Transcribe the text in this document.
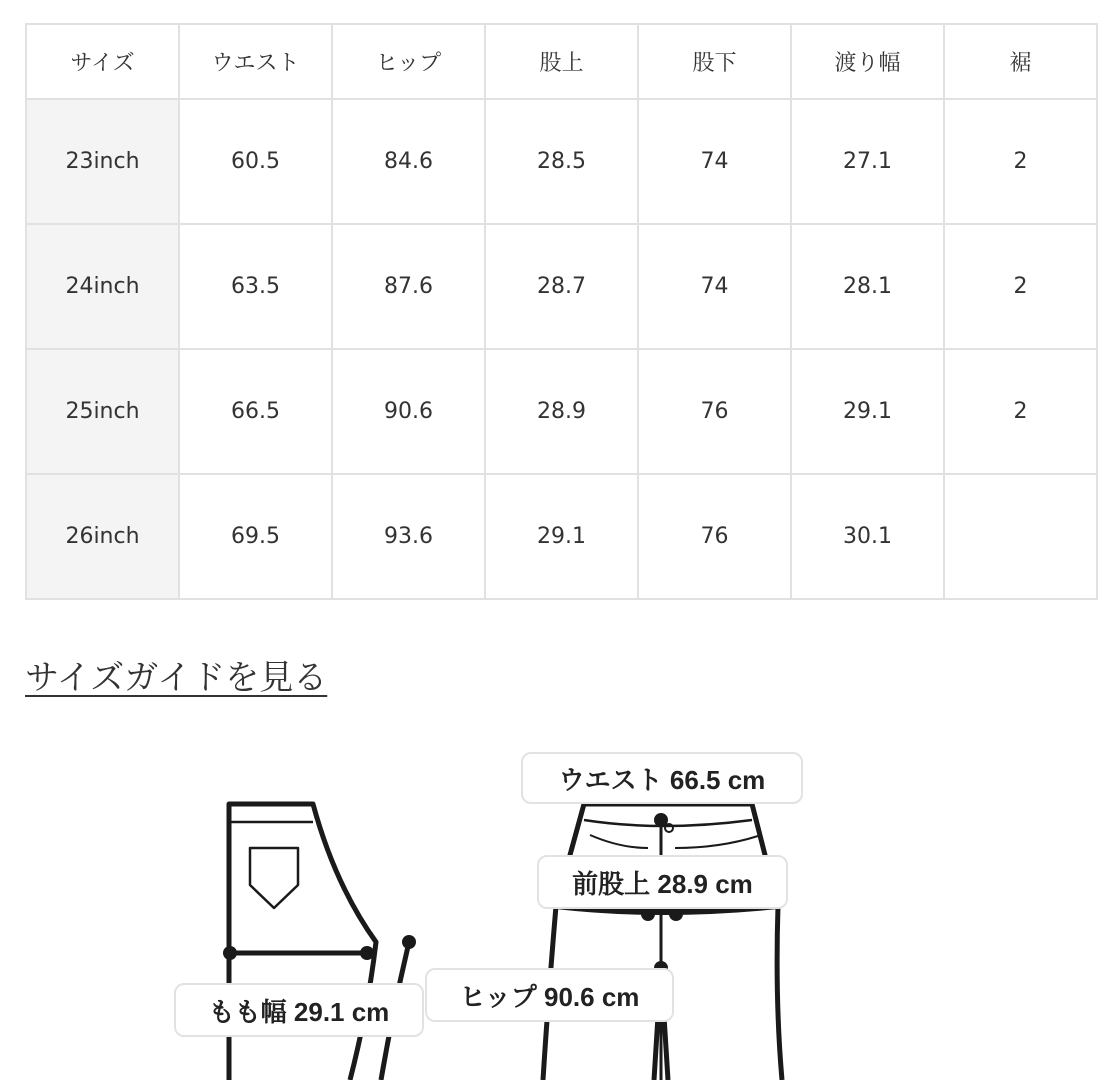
サイズ	ウエスト	ヒップ	股上	股下	渡り幅	裾
23inch	60.5	84.6	28.5	74	27.1	2
24inch	63.5	87.6	28.7	74	28.1	2
25inch	66.5	90.6	28.9	76	29.1	2
26inch	69.5	93.6	29.1	76	30.1	
サイズガイドを見る
ウエスト 66.5 cm
前股上 28.9 cm
ヒップ 90.6 cm
もも幅 29.1 cm
